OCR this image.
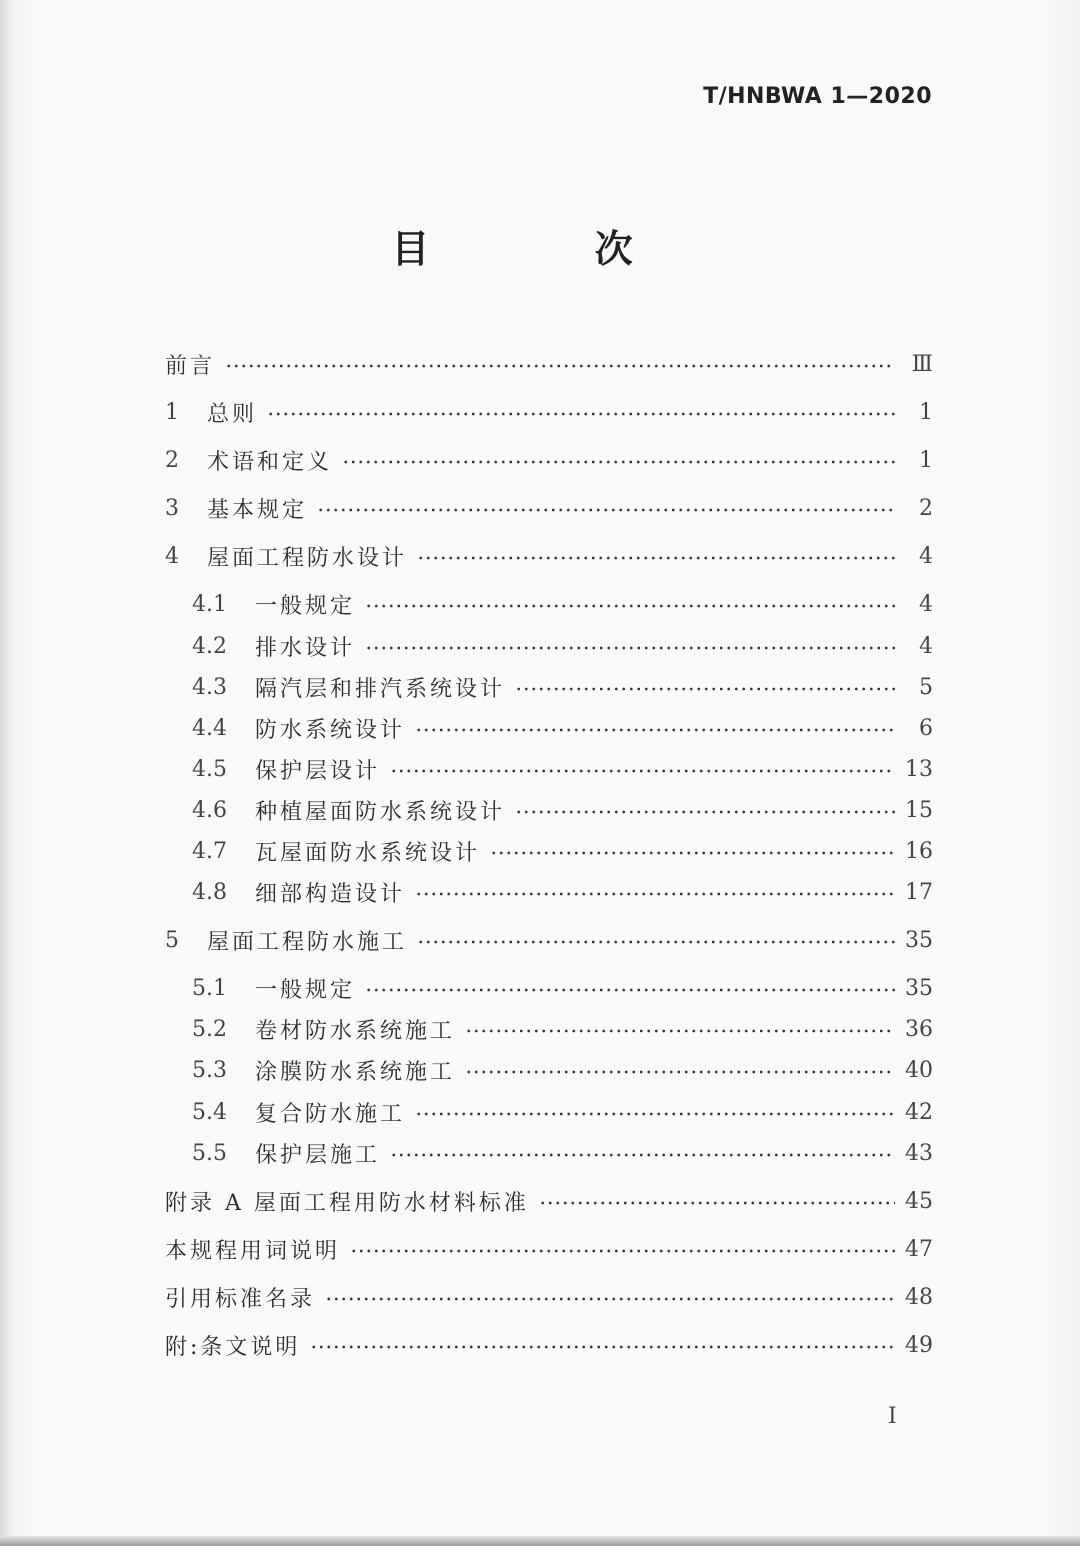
T/HNBWA 1—2020
目 次
前言	Ⅲ
1	总则	1
2	术语和定义	1
3	基本规定	2
4	屋面工程防水设计	4
4.1	一般规定	4
4.2	排水设计	4
4.3	隔汽层和排汽系统设计	5
4.4	防水系统设计	6
4.5	保护层设计	13
4.6	种植屋面防水系统设计	15
4.7	瓦屋面防水系统设计	16
4.8	细部构造设计	17
5	屋面工程防水施工	35
5.1	一般规定	35
5.2	卷材防水系统施工	36
5.3	涂膜防水系统施工	40
5.4	复合防水施工	42
5.5	保护层施工	43
附录 A 屋面工程用防水材料标准	45
本规程用词说明	47
引用标准名录	48
附:条文说明	49
I
